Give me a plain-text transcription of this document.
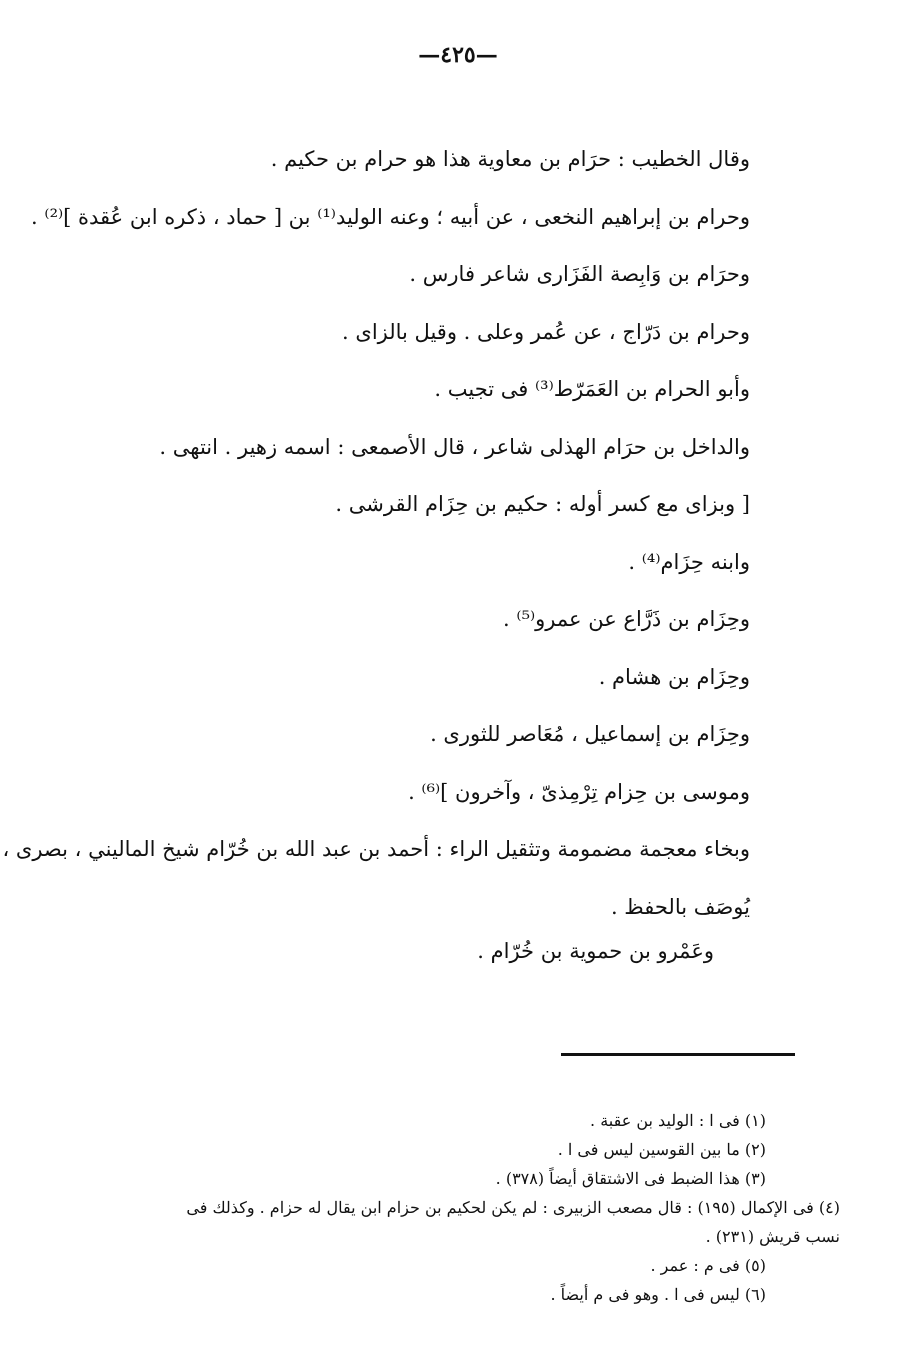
—٤٢٥—
وقال الخطيب : حرَام بن معاوية هذا هو حرام بن حكيم .
وحرام بن إبراهيم النخعى ، عن أبيه ؛ وعنه الوليد⁽¹⁾ بن [ حماد ، ذكره ابن عُقدة ]⁽²⁾ .
وحرَام بن وَابِصة الفَزَارى شاعر فارس .
وحرام بن دَرّاج ، عن عُمر وعلى . وقيل بالزاى .
وأبو الحرام بن العَمَرّط⁽³⁾ فى تجيب .
والداخل بن حرَام الهذلى شاعر ، قال الأصمعى : اسمه زهير . انتهى .
[ وبزاى مع كسر أوله : حكيم بن حِزَام القرشى .
وابنه حِزَام⁽⁴⁾ .
وحِزَام بن ذَرَّاع عن عمرو⁽⁵⁾ .
وحِزَام بن هشام .
وحِزَام بن إسماعيل ، مُعَاصر للثورى .
وموسى بن حِزام تِرْمِذىّ ، وآخرون ]⁽⁶⁾ .
وبخاء معجمة مضمومة وتثقيل الراء : أحمد بن عبد الله بن خُرّام شيخ الماليني ، بصرى ،
يُوصَف بالحفظ .
وعَمْرو بن حموية بن خُرّام .
(١) فى ا : الوليد بن عقبة .
(٢) ما بين القوسين ليس فى ا .
(٣) هذا الضبط فى الاشتقاق أيضاً (٣٧٨) .
(٤) فى الإكمال (١٩٥) : قال مصعب الزبيرى : لم يكن لحكيم بن حزام ابن يقال له حزام . وكذلك فى
نسب قريش (٢٣١) .
(٥) فى م : عمر .
(٦) ليس فى ا . وهو فى م أيضاً .
